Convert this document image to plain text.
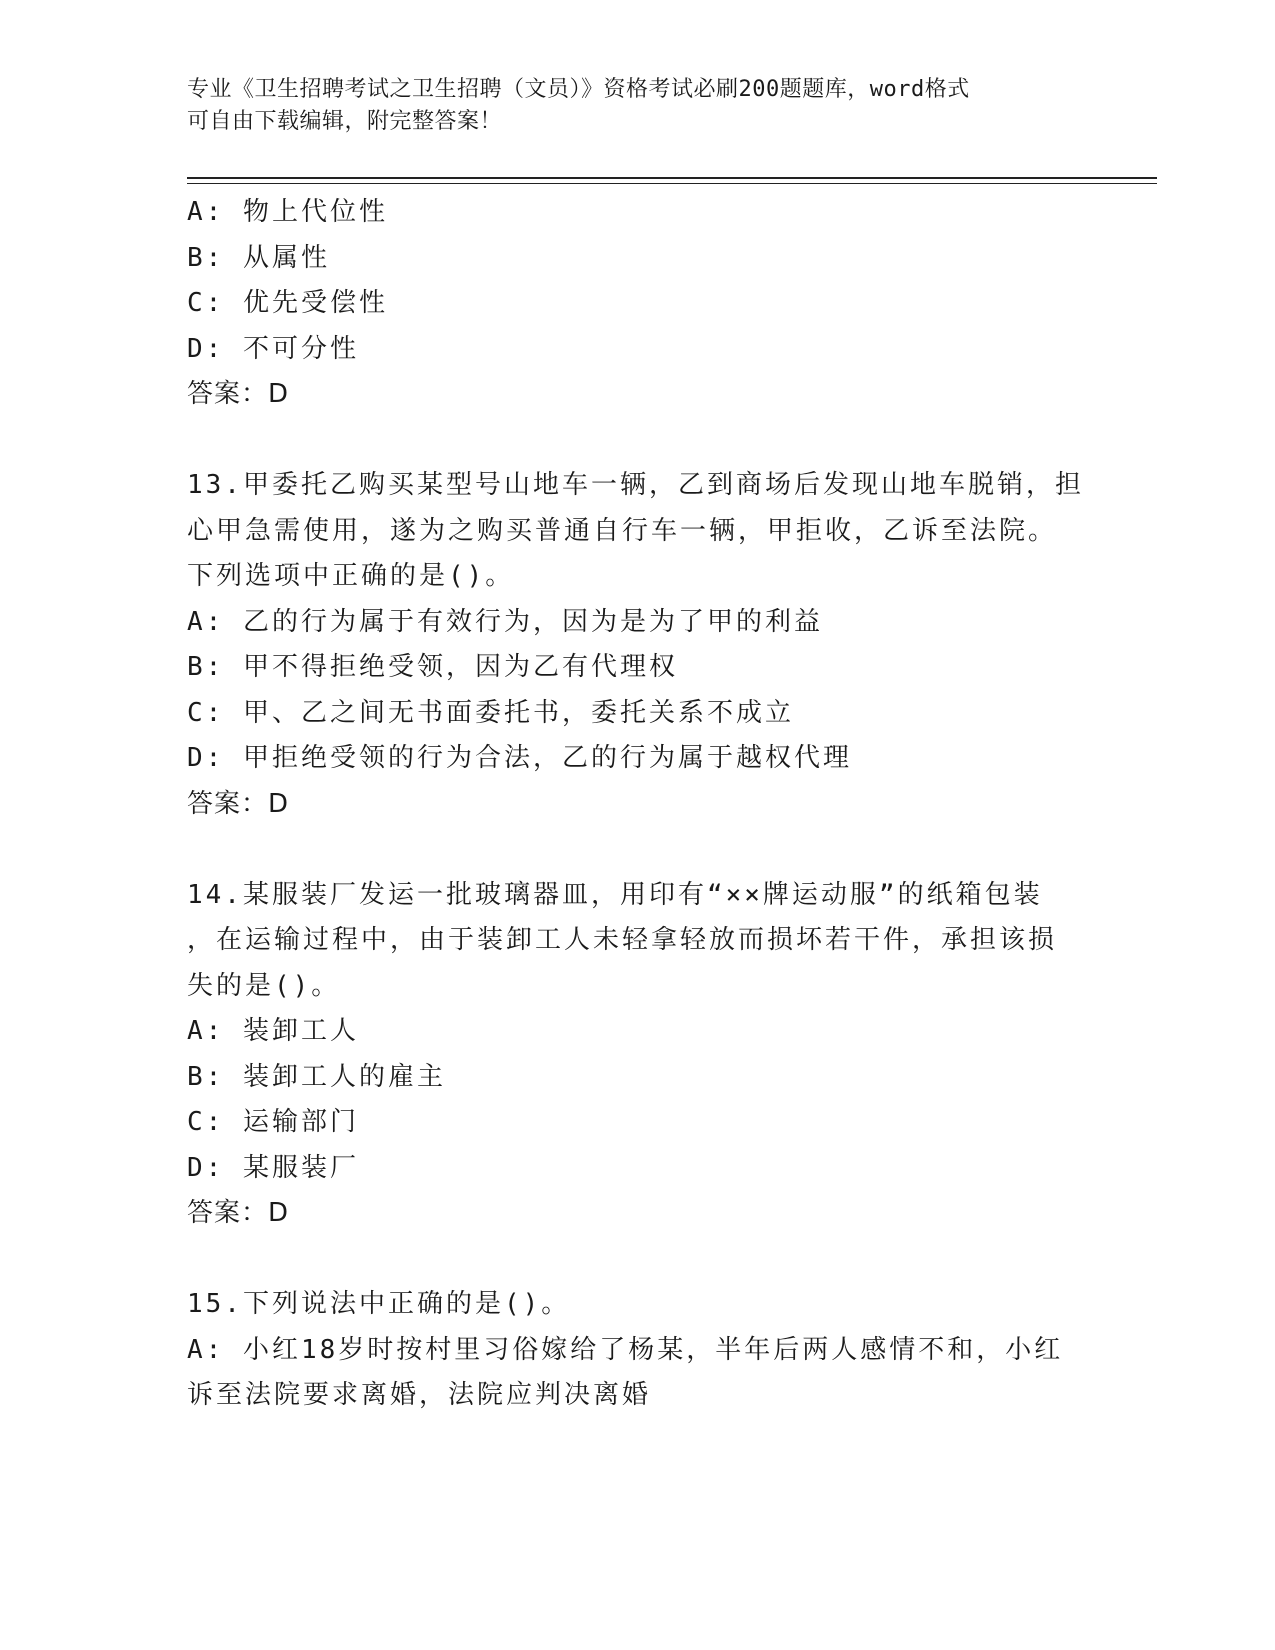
专业《卫生招聘考试之卫生招聘（文员）》资格考试必刷200题题库，word格式
可自由下载编辑，附完整答案！
A: 物上代位性
B: 从属性
C: 优先受偿性
D: 不可分性
答案：D
13.甲委托乙购买某型号山地车一辆，乙到商场后发现山地车脱销，担
心甲急需使用，遂为之购买普通自行车一辆，甲拒收，乙诉至法院。
下列选项中正确的是()。
A: 乙的行为属于有效行为，因为是为了甲的利益
B: 甲不得拒绝受领，因为乙有代理权
C: 甲、乙之间无书面委托书，委托关系不成立
D: 甲拒绝受领的行为合法，乙的行为属于越权代理
答案：D
14.某服装厂发运一批玻璃器皿，用印有“××牌运动服”的纸箱包装
，在运输过程中，由于装卸工人未轻拿轻放而损坏若干件，承担该损
失的是()。
A: 装卸工人
B: 装卸工人的雇主
C: 运输部门
D: 某服装厂
答案：D
15.下列说法中正确的是()。
A: 小红18岁时按村里习俗嫁给了杨某，半年后两人感情不和，小红
诉至法院要求离婚，法院应判决离婚
